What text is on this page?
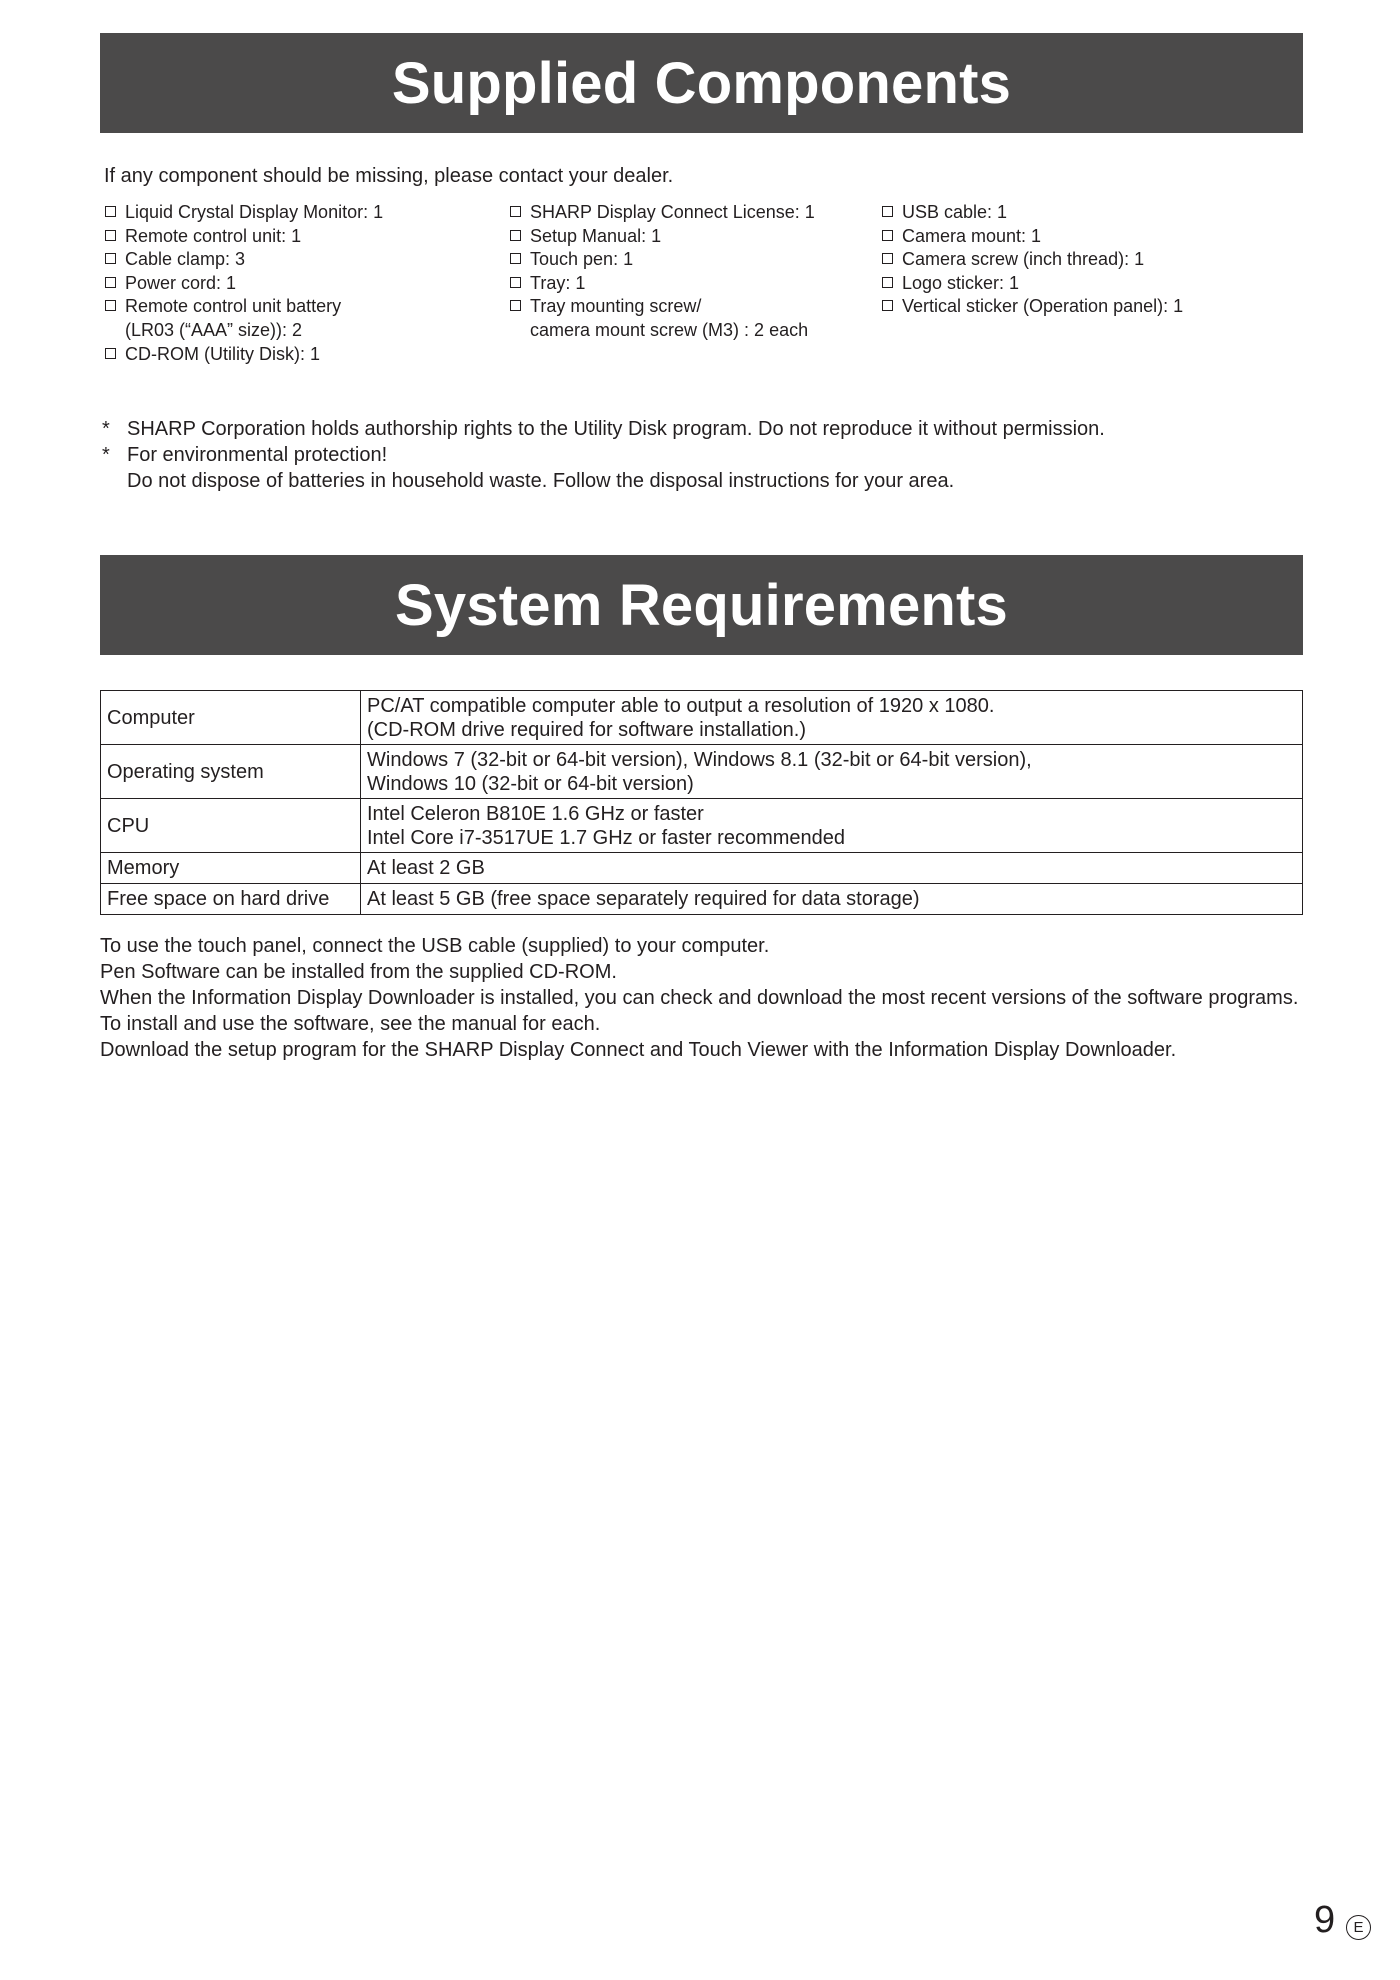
Supplied Components
If any component should be missing, please contact your dealer.
Liquid Crystal Display Monitor: 1
Remote control unit: 1
Cable clamp: 3
Power cord: 1
Remote control unit battery
(LR03 (“AAA” size)): 2
CD-ROM (Utility Disk): 1
SHARP Display Connect License: 1
Setup Manual: 1
Touch pen: 1
Tray: 1
Tray mounting screw/
camera mount screw (M3) : 2 each
USB cable: 1
Camera mount: 1
Camera screw (inch thread): 1
Logo sticker: 1
Vertical sticker (Operation panel): 1
* SHARP Corporation holds authorship rights to the Utility Disk program. Do not reproduce it without permission.
* For environmental protection!
Do not dispose of batteries in household waste. Follow the disposal instructions for your area.
System Requirements
Computer	PC/AT compatible computer able to output a resolution of 1920 x 1080.
(CD-ROM drive required for software installation.)

Operating system	Windows 7 (32-bit or 64-bit version), Windows 8.1 (32-bit or 64-bit version),
Windows 10 (32-bit or 64-bit version)

CPU	Intel Celeron B810E 1.6 GHz or faster
Intel Core i7-3517UE 1.7 GHz or faster recommended

Memory	At least 2 GB

Free space on hard drive	At least 5 GB (free space separately required for data storage)

To use the touch panel, connect the USB cable (supplied) to your computer.

Pen Software can be installed from the supplied CD-ROM.

When the Information Display Downloader is installed, you can check and download the most recent versions of the software programs.

To install and use the software, see the manual for each.

Download the setup program for the SHARP Display Connect and Touch Viewer with the Information Display Downloader.

9	E
